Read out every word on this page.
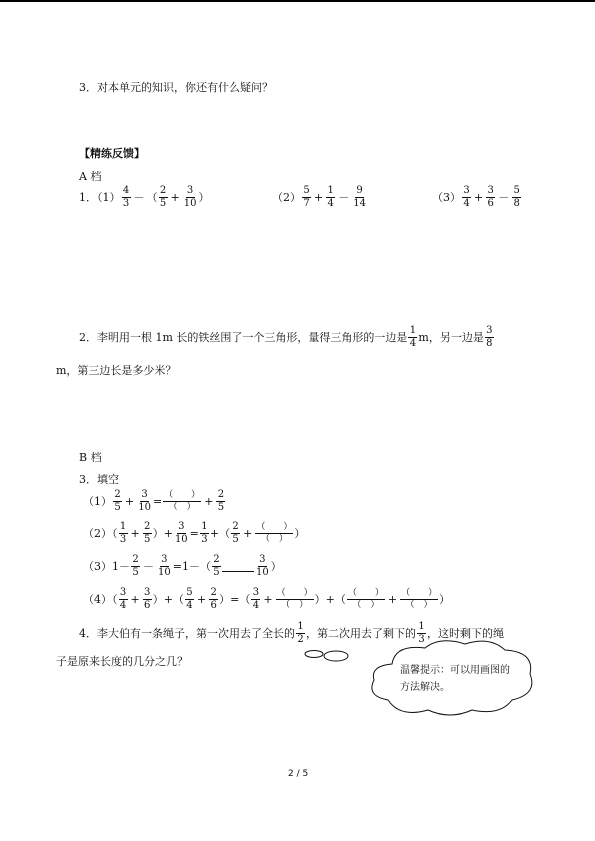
3．对本单元的知识，你还有什么疑问？
【精练反馈】
A 档
1．$(1) \frac{4}{3}$ － （ $\frac{2}{5} + \frac{3}{10}$ ）	$(2) \frac{5}{7} + \frac{1}{4} - \frac{9}{14}$	$(3) \frac{3}{4} + \frac{3}{6} - \frac{5}{8}$
2．李明用一根 1m 长的铁丝围了一个三角形，量得三角形的一边是 $\frac{1}{4}$ m，另一边是 $\frac{3}{8}$
m，第三边长是多少米？
B 档
3．填空
$(1) \frac{2}{5} + \frac{3}{10} = \frac{( )}{( )} + \frac{2}{5}$
$(2)( \frac{1}{3} + \frac{2}{5}$ ）+ $\frac{3}{10} = \frac{1}{3}$ +（ $\frac{2}{5} + \frac{( )}{( )}$ ）
$(3)1- \frac{2}{5} - \frac{3}{10} =1-( \frac{2}{5}$	$\frac{3}{10}$ ）
$(4)( \frac{3}{4} + \frac{3}{6}$ ）+（ $\frac{5}{4} + \frac{2}{6}$ ）=（ $\frac{3}{4} + \frac{( )}{( )}$ ）+（ $\frac{( )}{( )} + \frac{( )}{( )}$ ）
4．李大伯有一条绳子，第一次用去了全长的 $\frac{1}{2}$ ，第二次用去了剩下的 $\frac{1}{3}$ ，这时剩下的绳
子是原来长度的几分之几？
温馨提示：可以用画图的方法解决。
2 / 5
